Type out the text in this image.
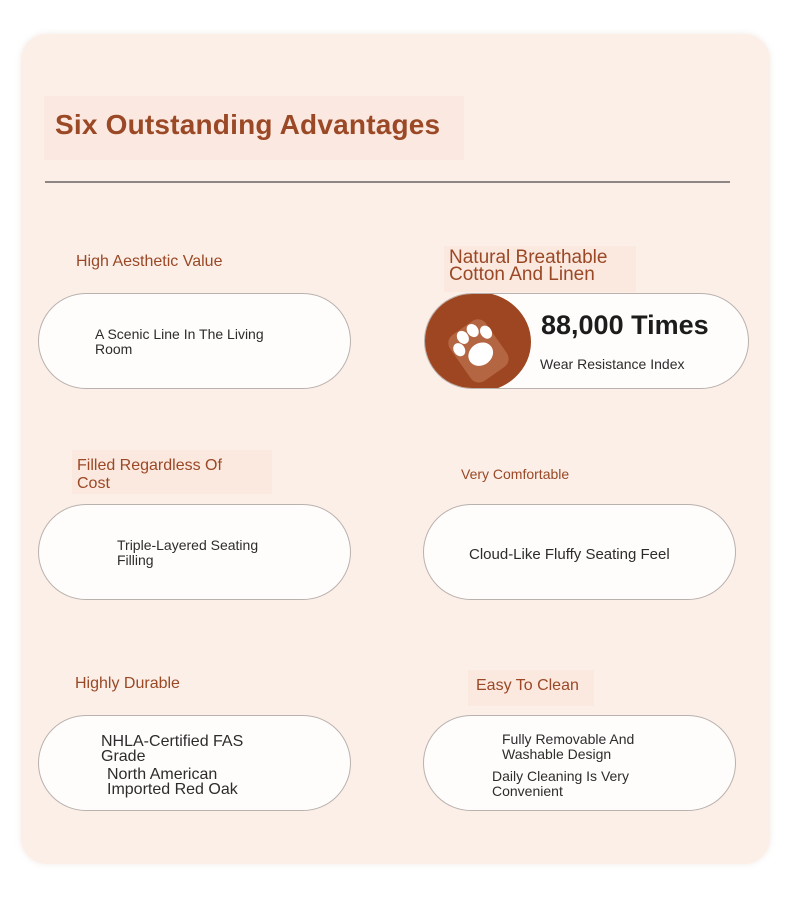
Six Outstanding Advantages
High Aesthetic Value
A Scenic Line In The Living Room
Natural Breathable Cotton And Linen
88,000 Times
Wear Resistance Index
Filled Regardless Of Cost
Triple-Layered Seating Filling
Very Comfortable
Cloud-Like Fluffy Seating Feel
Highly Durable
NHLA-Certified FAS Grade
North American Imported Red Oak
Easy To Clean
Fully Removable And Washable Design
Daily Cleaning Is Very Convenient
